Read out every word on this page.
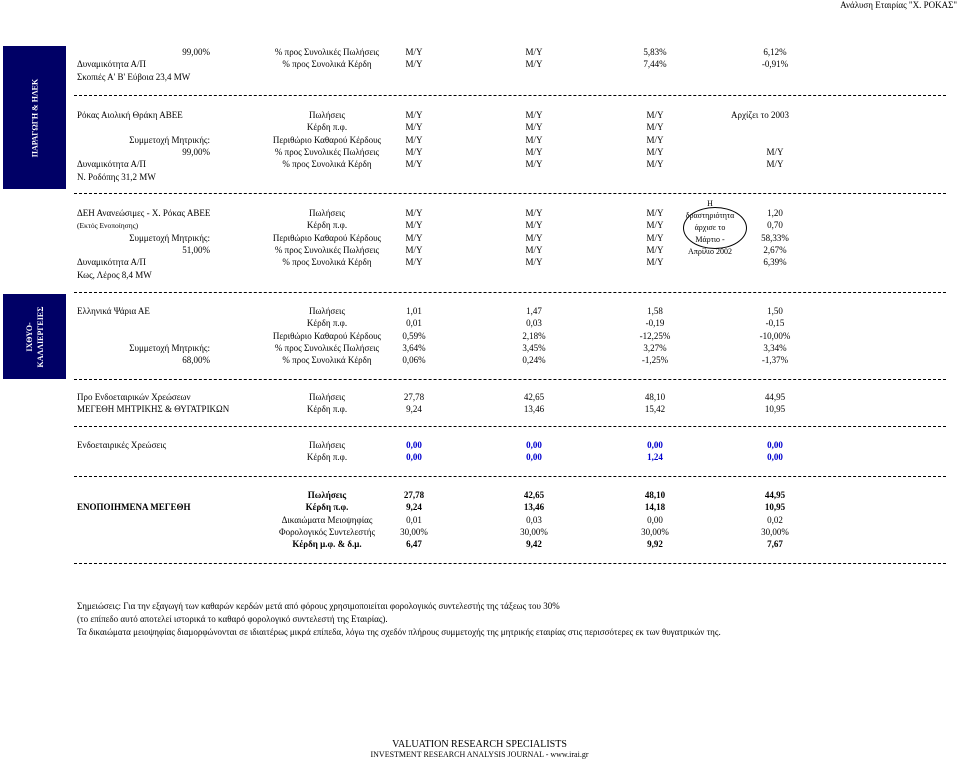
Ανάλυση Εταιρίας "Χ. ΡΟΚΑΣ"
ΠΑΡΑΓΩΓΗ & ΗΛΕΚ
ΙΧΘΥΟ- ΚΑΛΛΙΕΡΓΕΙΕΣ
99,00%	% προς Συνολικές Πωλήσεις	Μ/Υ	Μ/Υ	5,83%	6,12%
Δυναμικότητα Α/Π	% προς Συνολικά Κέρδη	Μ/Υ	Μ/Υ	7,44%	-0,91%
Σκοπιές Α' Β' Εύβοια 23,4 MW
Ρόκας Αιολική Θράκη ΑΒΕΕ	Πωλήσεις	Μ/Υ	Μ/Υ	Μ/Υ	Αρχίζει το 2003
Κέρδη π.φ.	Μ/Υ	Μ/Υ	Μ/Υ
Συμμετοχή Μητρικής:	Περιθώριο Καθαρού Κέρδους	Μ/Υ	Μ/Υ	Μ/Υ
99,00%	% προς Συνολικές Πωλήσεις	Μ/Υ	Μ/Υ	Μ/Υ	Μ/Υ
Δυναμικότητα Α/Π	% προς Συνολικά Κέρδη	Μ/Υ	Μ/Υ	Μ/Υ	Μ/Υ
Ν. Ροδόπης 31,2 MW
ΔΕΗ Ανανεώσιμες - Χ. Ρόκας ΑΒΕΕ	Πωλήσεις	Μ/Υ	Μ/Υ	Μ/Υ	1,20
(Εκτός Ενοποίησης)	Κέρδη π.φ.	Μ/Υ	Μ/Υ	Μ/Υ	0,70
Συμμετοχή Μητρικής:	Περιθώριο Καθαρού Κέρδους	Μ/Υ	Μ/Υ	Μ/Υ	58,33%
51,00%	% προς Συνολικές Πωλήσεις	Μ/Υ	Μ/Υ	Μ/Υ	2,67%
Δυναμικότητα Α/Π	% προς Συνολικά Κέρδη	Μ/Υ	Μ/Υ	Μ/Υ	6,39%
Κως, Λέρος 8,4 MW
Ελληνικά Ψάρια ΑΕ	Πωλήσεις	1,01	1,47	1,58	1,50
Κέρδη π.φ.	0,01	0,03	-0,19	-0,15
Περιθώριο Καθαρού Κέρδους 0,59%	2,18%	-12,25%	-10,00%
Συμμετοχή Μητρικής:	% προς Συνολικές Πωλήσεις	3,64%	3,45%	3,27%	3,34%
68,00%	% προς Συνολικά Κέρδη	0,06%	0,24%	-1,25%	-1,37%
Προ Ενδοεταιρικών Χρεώσεων	Πωλήσεις	27,78	42,65	48,10	44,95
ΜΕΓΕΘΗ ΜΗΤΡΙΚΗΣ & ΘΥΓΑΤΡΙΚΩΝ	Κέρδη π.φ.	9,24	13,46	15,42	10,95
Ενδοεταιρικές Χρεώσεις	Πωλήσεις	0,00	0,00	0,00	0,00
Κέρδη π.φ.	0,00	0,00	1,24	0,00
Πωλήσεις	27,78	42,65	48,10	44,95
ΕΝΟΠΟΙΗΜΕΝΑ ΜΕΓΕΘΗ	Κέρδη π.φ.	9,24	13,46	14,18	10,95
Δικαιώματα Μειοψηφίας	0,01	0,03	0,00	0,02
Φορολογικός Συντελεστής	30,00%	30,00%	30,00%	30,00%
Κέρδη μ.φ. & δ.μ.	6,47	9,42	9,92	7,67
Η
δραστηριότητα
άρχισε το
Μάρτιο -
Απρίλιο 2002
Σημειώσεις: Για την εξαγωγή των καθαρών κερδών μετά από φόρους χρησιμοποιείται φορολογικός συντελεστής της τάξεως του 30%
(το επίπεδο αυτό αποτελεί ιστορικά το καθαρό φορολογικό συντελεστή της Εταιρίας).
Τα δικαιώματα μειοψηφίας διαμορφώνονται σε ιδιαιτέρως μικρά επίπεδα, λόγω της σχεδόν πλήρους συμμετοχής της μητρικής εταιρίας στις περισσότερες εκ των θυγατρικών της.
VALUATION RESEARCH SPECIALISTS
INVESTMENT RESEARCH ANALYSIS JOURNAL - www.irai.gr
